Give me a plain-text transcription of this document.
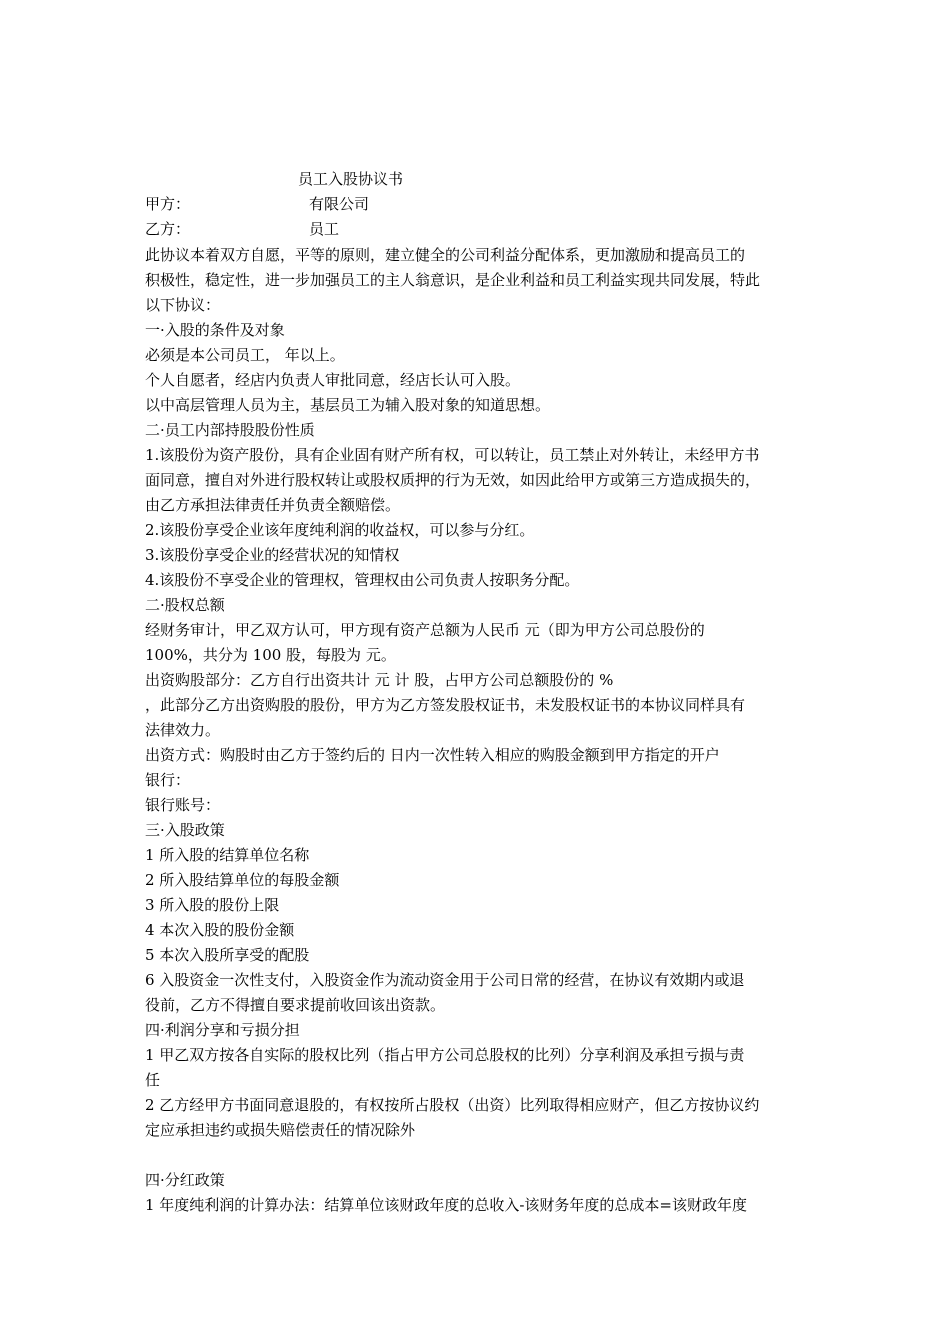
员工入股协议书
甲方：	有限公司
乙方：	员工
此协议本着双方自愿，平等的原则，建立健全的公司利益分配体系，更加激励和提高员工的
积极性，稳定性，进一步加强员工的主人翁意识，是企业利益和员工利益实现共同发展，特此
以下协议：
一·入股的条件及对象
必须是本公司员工， 年以上。
个人自愿者，经店内负责人审批同意，经店长认可入股。
以中高层管理人员为主，基层员工为辅入股对象的知道思想。
二·员工内部持股股份性质
1.该股份为资产股份，具有企业固有财产所有权，可以转让，员工禁止对外转让，未经甲方书
面同意，擅自对外进行股权转让或股权质押的行为无效，如因此给甲方或第三方造成损失的，
由乙方承担法律责任并负责全额赔偿。
2.该股份享受企业该年度纯利润的收益权，可以参与分红。
3.该股份享受企业的经营状况的知情权
4.该股份不享受企业的管理权，管理权由公司负责人按职务分配。
二·股权总额
经财务审计，甲乙双方认可，甲方现有资产总额为人民币 元（即为甲方公司总股份的
100%，共分为 100 股，每股为 元。
出资购股部分：乙方自行出资共计 元 计 股，占甲方公司总额股份的 %
，此部分乙方出资购股的股份，甲方为乙方签发股权证书，未发股权证书的本协议同样具有
法律效力。
出资方式：购股时由乙方于签约后的 日内一次性转入相应的购股金额到甲方指定的开户
银行：
银行账号：
三·入股政策
1 所入股的结算单位名称
2 所入股结算单位的每股金额
3 所入股的股份上限
4 本次入股的股份金额
5 本次入股所享受的配股
6 入股资金一次性支付，入股资金作为流动资金用于公司日常的经营，在协议有效期内或退
役前，乙方不得擅自要求提前收回该出资款。
四·利润分享和亏损分担
1 甲乙双方按各自实际的股权比列（指占甲方公司总股权的比列）分享利润及承担亏损与责
任
2 乙方经甲方书面同意退股的，有权按所占股权（出资）比列取得相应财产，但乙方按协议约
定应承担违约或损失赔偿责任的情况除外
四·分红政策
1 年度纯利润的计算办法：结算单位该财政年度的总收入-该财务年度的总成本=该财政年度
